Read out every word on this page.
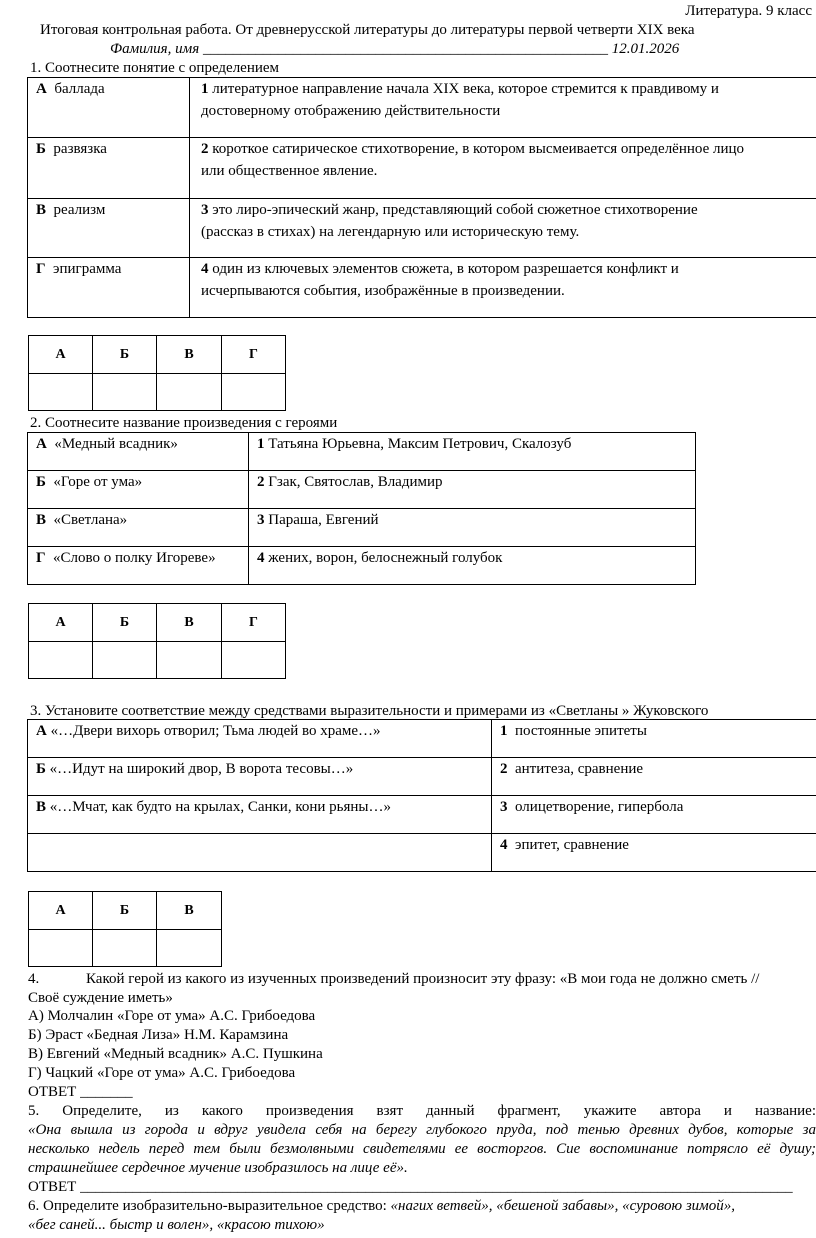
Литература. 9 класс
Итоговая контрольная работа. От древнерусской литературы до литературы первой четверти XIX века
Фамилия, имя ______________________________________________________ 12.01.2026
1. Соотнесите понятие с определением
А баллада	1 литературное направление начала XIX века, которое стремится к правдивому и
достоверному отображению действительности
Б развязка	2 короткое сатирическое стихотворение, в котором высмеивается определённое лицо
или общественное явление.
В реализм	3 это лиро-эпический жанр, представляющий собой сюжетное стихотворение
(рассказ в стихах) на легендарную или историческую тему.
Г эпиграмма	4 один из ключевых элементов сюжета, в котором разрешается конфликт и
исчерпываются события, изображённые в произведении.
А	Б	В	Г

2. Соотнесите название произведения с героями
А «Медный всадник»	1 Татьяна Юрьевна, Максим Петрович, Скалозуб
Б «Горе от ума»	2 Гзак, Святослав, Владимир
В «Светлана»	3 Параша, Евгений
Г «Слово о полку Игореве»	4 жених, ворон, белоснежный голубок
А	Б	В	Г

3. Установите соответствие между средствами выразительности и примерами из «Светланы » Жуковского
А «…Двери вихорь отворил; Тьма людей во храме…»	1 постоянные эпитеты
Б «…Идут на широкий двор, В ворота тесовы…»	2 антитеза, сравнение
В «…Мчат, как будто на крылах, Санки, кони рьяны…»	3 олицетворение, гипербола
	4 эпитет, сравнение
А	Б	В

4.	Какой герой из какого из изученных произведений произносит эту фразу: «В мои года не должно сметь //
Своё суждение иметь»
А) Молчалин «Горе от ума» А.С. Грибоедова
Б) Эраст «Бедная Лиза» Н.М. Карамзина
В) Евгений «Медный всадник» А.С. Пушкина
Г) Чацкий «Горе от ума» А.С. Грибоедова
ОТВЕТ _______
5. Определите, из какого произведения взят данный фрагмент, укажите автора и название:
«Она вышла из города и вдруг увидела себя на берегу глубокого пруда, под тенью древних дубов, которые за
несколько недель перед тем были безмолвными свидетелями ее восторгов. Сие воспоминание потрясло её душу;
страшнейшее сердечное мучение изобразилось на лице её».
ОТВЕТ _______________________________________________________________________________________________
6. Определите изобразительно-выразительное средство: «нагих ветвей», «бешеной забавы», «суровою зимой»,
«бег саней... быстр и волен», «красою тихою»
